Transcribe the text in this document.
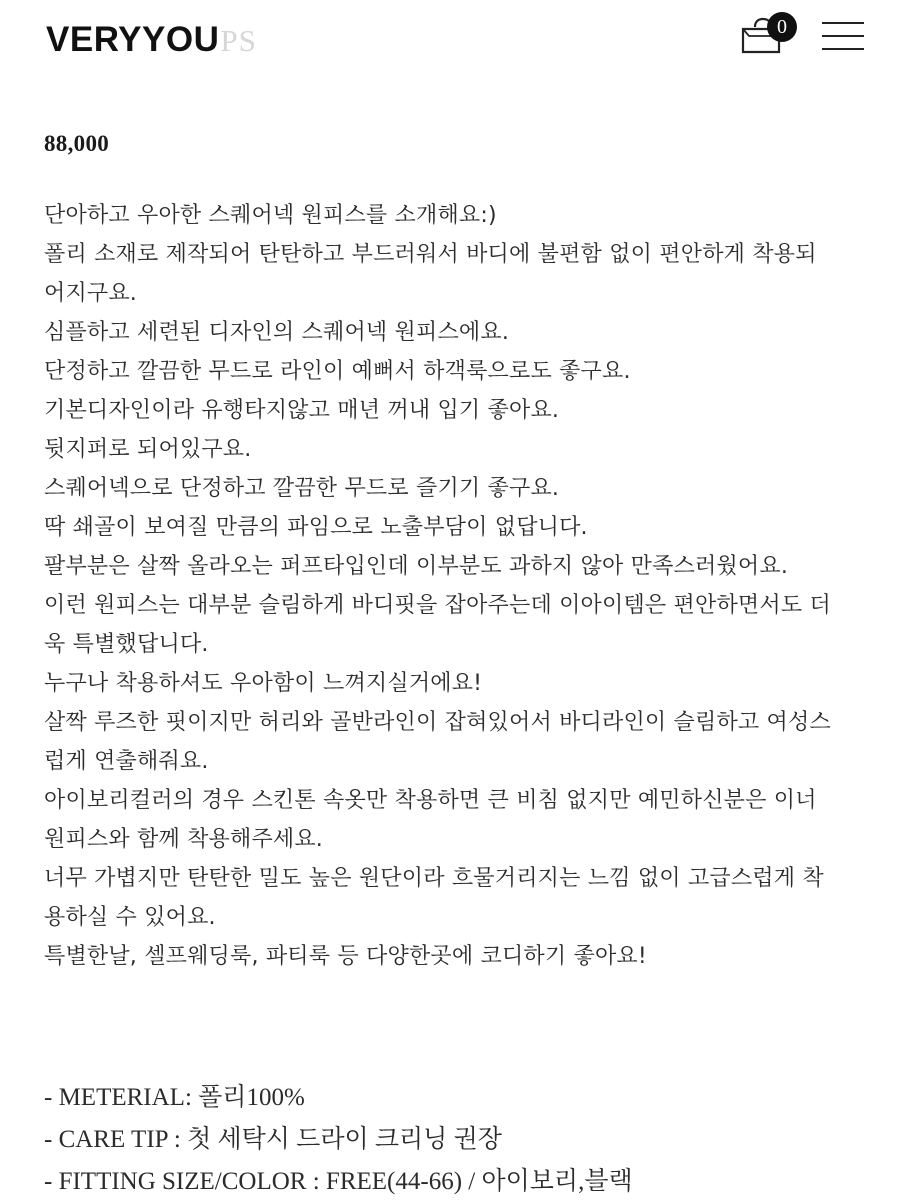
VERYYOUPS	0
88,000
단아하고 우아한 스퀘어넥 원피스를 소개해요:)
폴리 소재로 제작되어 탄탄하고 부드러워서 바디에 불편함 없이 편안하게 착용되
어지구요.
심플하고 세련된 디자인의 스퀘어넥 원피스에요.
단정하고 깔끔한 무드로 라인이 예뻐서 하객룩으로도 좋구요.
기본디자인이라 유행타지않고 매년 꺼내 입기 좋아요.
뒷지퍼로 되어있구요.
스퀘어넥으로 단정하고 깔끔한 무드로 즐기기 좋구요.
딱 쇄골이 보여질 만큼의 파임으로 노출부담이 없답니다.
팔부분은 살짝 올라오는 퍼프타입인데 이부분도 과하지 않아 만족스러웠어요.
이런 원피스는 대부분 슬림하게 바디핏을 잡아주는데 이아이템은 편안하면서도 더
욱 특별했답니다.
누구나 착용하셔도 우아함이 느껴지실거에요!
살짝 루즈한 핏이지만 허리와 골반라인이 잡혀있어서 바디라인이 슬림하고 여성스
럽게 연출해줘요.
아이보리컬러의 경우 스킨톤 속옷만 착용하면 큰 비침 없지만 예민하신분은 이너
원피스와 함께 착용해주세요.
너무 가볍지만 탄탄한 밀도 높은 원단이라 흐물거리지는 느낌 없이 고급스럽게 착
용하실 수 있어요.
특별한날, 셀프웨딩룩, 파티룩 등 다양한곳에 코디하기 좋아요!
- METERIAL: 폴리100%
- CARE TIP : 첫 세탁시 드라이 크리닝 권장
- FITTING SIZE/COLOR : FREE(44-66) / 아이보리,블랙
